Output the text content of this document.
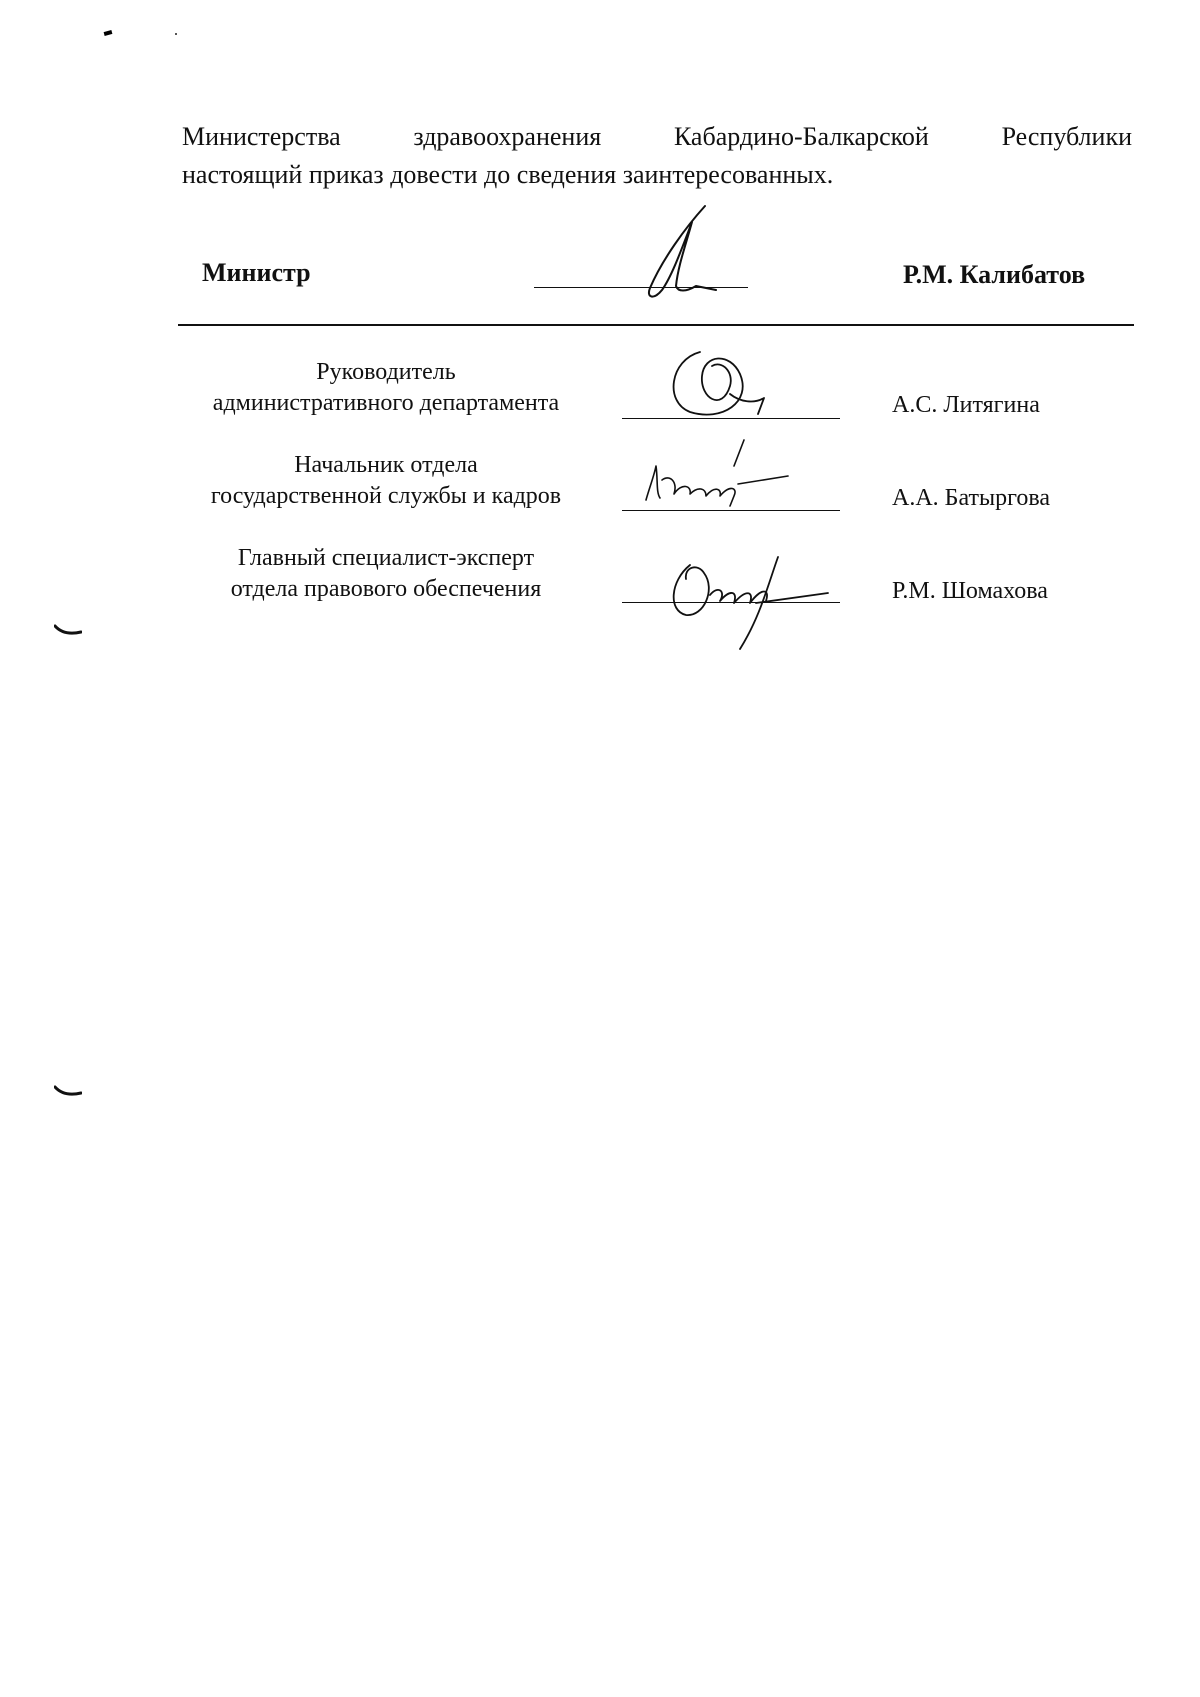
Министерства	здравоохранения	Кабардино-Балкарской	Республики
настоящий приказ довести до сведения заинтересованных.
Министр	Р.М. Калибатов
Руководитель
административного департамента	А.С. Литягина
Начальник отдела
государственной службы и кадров	А.А. Батыргова
Главный специалист-эксперт
отдела правового обеспечения	Р.М. Шомахова
